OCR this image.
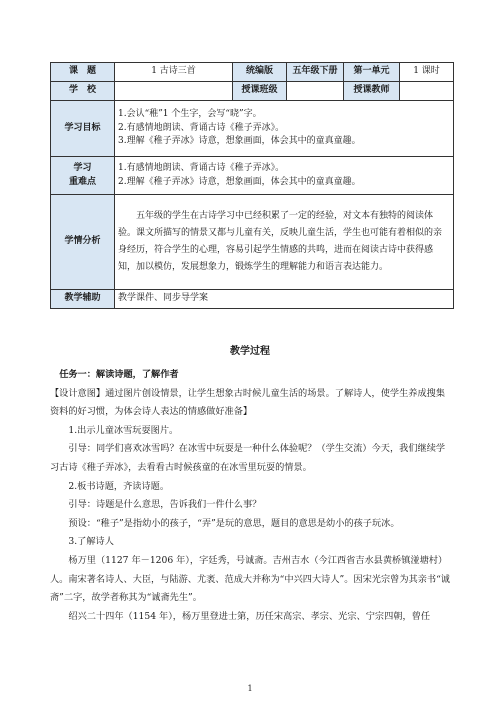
课　题	1 古诗三首	统编版	五年级下册	第一单元	1 课时
学　校		授课班级		授课教师	
学习目标	1.会认“稚”1 个生字，会写“晓”字。
2.有感情地朗读、背诵古诗《稚子弄冰》。
3.理解《稚子弄冰》诗意，想象画面，体会其中的童真童趣。				

学习
重难点	1.有感情地朗读、背诵古诗《稚子弄冰》。
2.理解《稚子弄冰》诗意，想象画面，体会其中的童真童趣。				

学情分析	五年级的学生在古诗学习中已经积累了一定的经验，对文本有独特的阅读体验。课文所描写的情景又都与儿童有关，反映儿童生活，学生也可能有着相似的亲身经历，符合学生的心理，容易引起学生情感的共鸣，进而在阅读古诗中获得感知，加以模仿，发展想象力，锻炼学生的理解能力和语言表达能力。				
教学辅助	教学课件、同步导学案				
教学过程

任务一：解读诗题，了解作者

【设计意图】通过图片创设情景，让学生想象古时候儿童生活的场景。了解诗人，使学生养成搜集资料的好习惯，为体会诗人表达的情感做好准备】

1.出示儿童冰雪玩耍图片。

引导：同学们喜欢冰雪吗？在冰雪中玩耍是一种什么体验呢？（学生交流）今天，我们继续学习古诗《稚子弄冰》，去看看古时候孩童的在冰雪里玩耍的情景。

2.板书诗题，齐读诗题。

引导：诗题是什么意思，告诉我们一件什么事？

预设：“稚子”是指幼小的孩子，“弄”是玩的意思，题目的意思是幼小的孩子玩冰。

3.了解诗人

杨万里（1127 年－1206 年），字廷秀，号诚斋。吉州吉水（今江西省吉水县黄桥镇湴塘村）人。南宋著名诗人、大臣，与陆游、尤袤、范成大并称为“中兴四大诗人”。因宋光宗曾为其亲书“诚斋”二字，故学者称其为“诚斋先生”。

绍兴二十四年（1154 年），杨万里登进士第，历任宋高宗、孝宗、光宗、宁宗四朝，曾任

1
